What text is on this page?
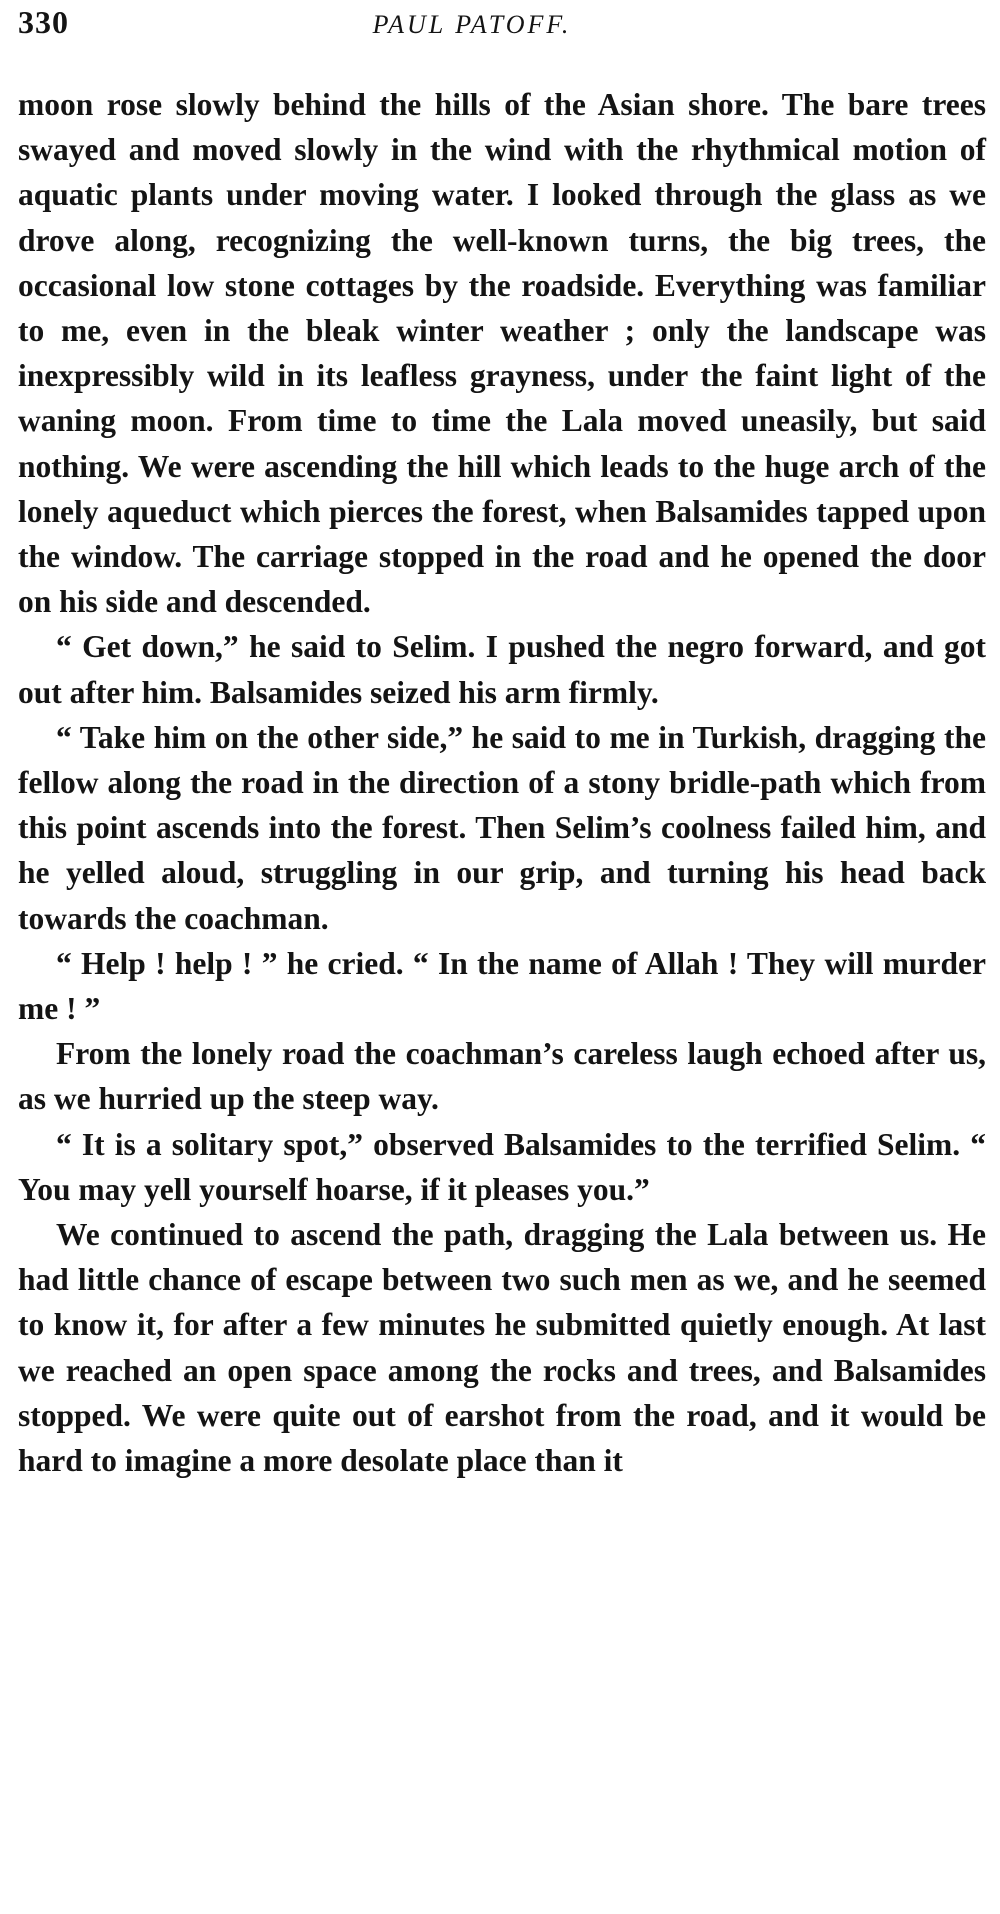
330	PAUL PATOFF.

moon rose slowly behind the hills of the Asian shore. The bare trees swayed and moved slowly in the wind with the rhythmical motion of aquatic plants under moving water. I looked through the glass as we drove along, recognizing the well-known turns, the big trees, the occasional low stone cottages by the roadside. Everything was familiar to me, even in the bleak winter weather ; only the landscape was inexpressibly wild in its leafless grayness, under the faint light of the waning moon. From time to time the Lala moved uneasily, but said nothing. We were ascending the hill which leads to the huge arch of the lonely aqueduct which pierces the forest, when Balsamides tapped upon the window. The carriage stopped in the road and he opened the door on his side and descended.

“ Get down,” he said to Selim. I pushed the negro forward, and got out after him. Balsamides seized his arm firmly.

“ Take him on the other side,” he said to me in Turkish, dragging the fellow along the road in the direction of a stony bridle-path which from this point ascends into the forest. Then Selim’s coolness failed him, and he yelled aloud, struggling in our grip, and turning his head back towards the coachman.

“ Help ! help ! ” he cried. “ In the name of Allah ! They will murder me ! ”

From the lonely road the coachman’s careless laugh echoed after us, as we hurried up the steep way.

“ It is a solitary spot,” observed Balsamides to the terrified Selim. “ You may yell yourself hoarse, if it pleases you.”

We continued to ascend the path, dragging the Lala between us. He had little chance of escape between two such men as we, and he seemed to know it, for after a few minutes he submitted quietly enough. At last we reached an open space among the rocks and trees, and Balsamides stopped. We were quite out of earshot from the road, and it would be hard to imagine a more desolate place than it
